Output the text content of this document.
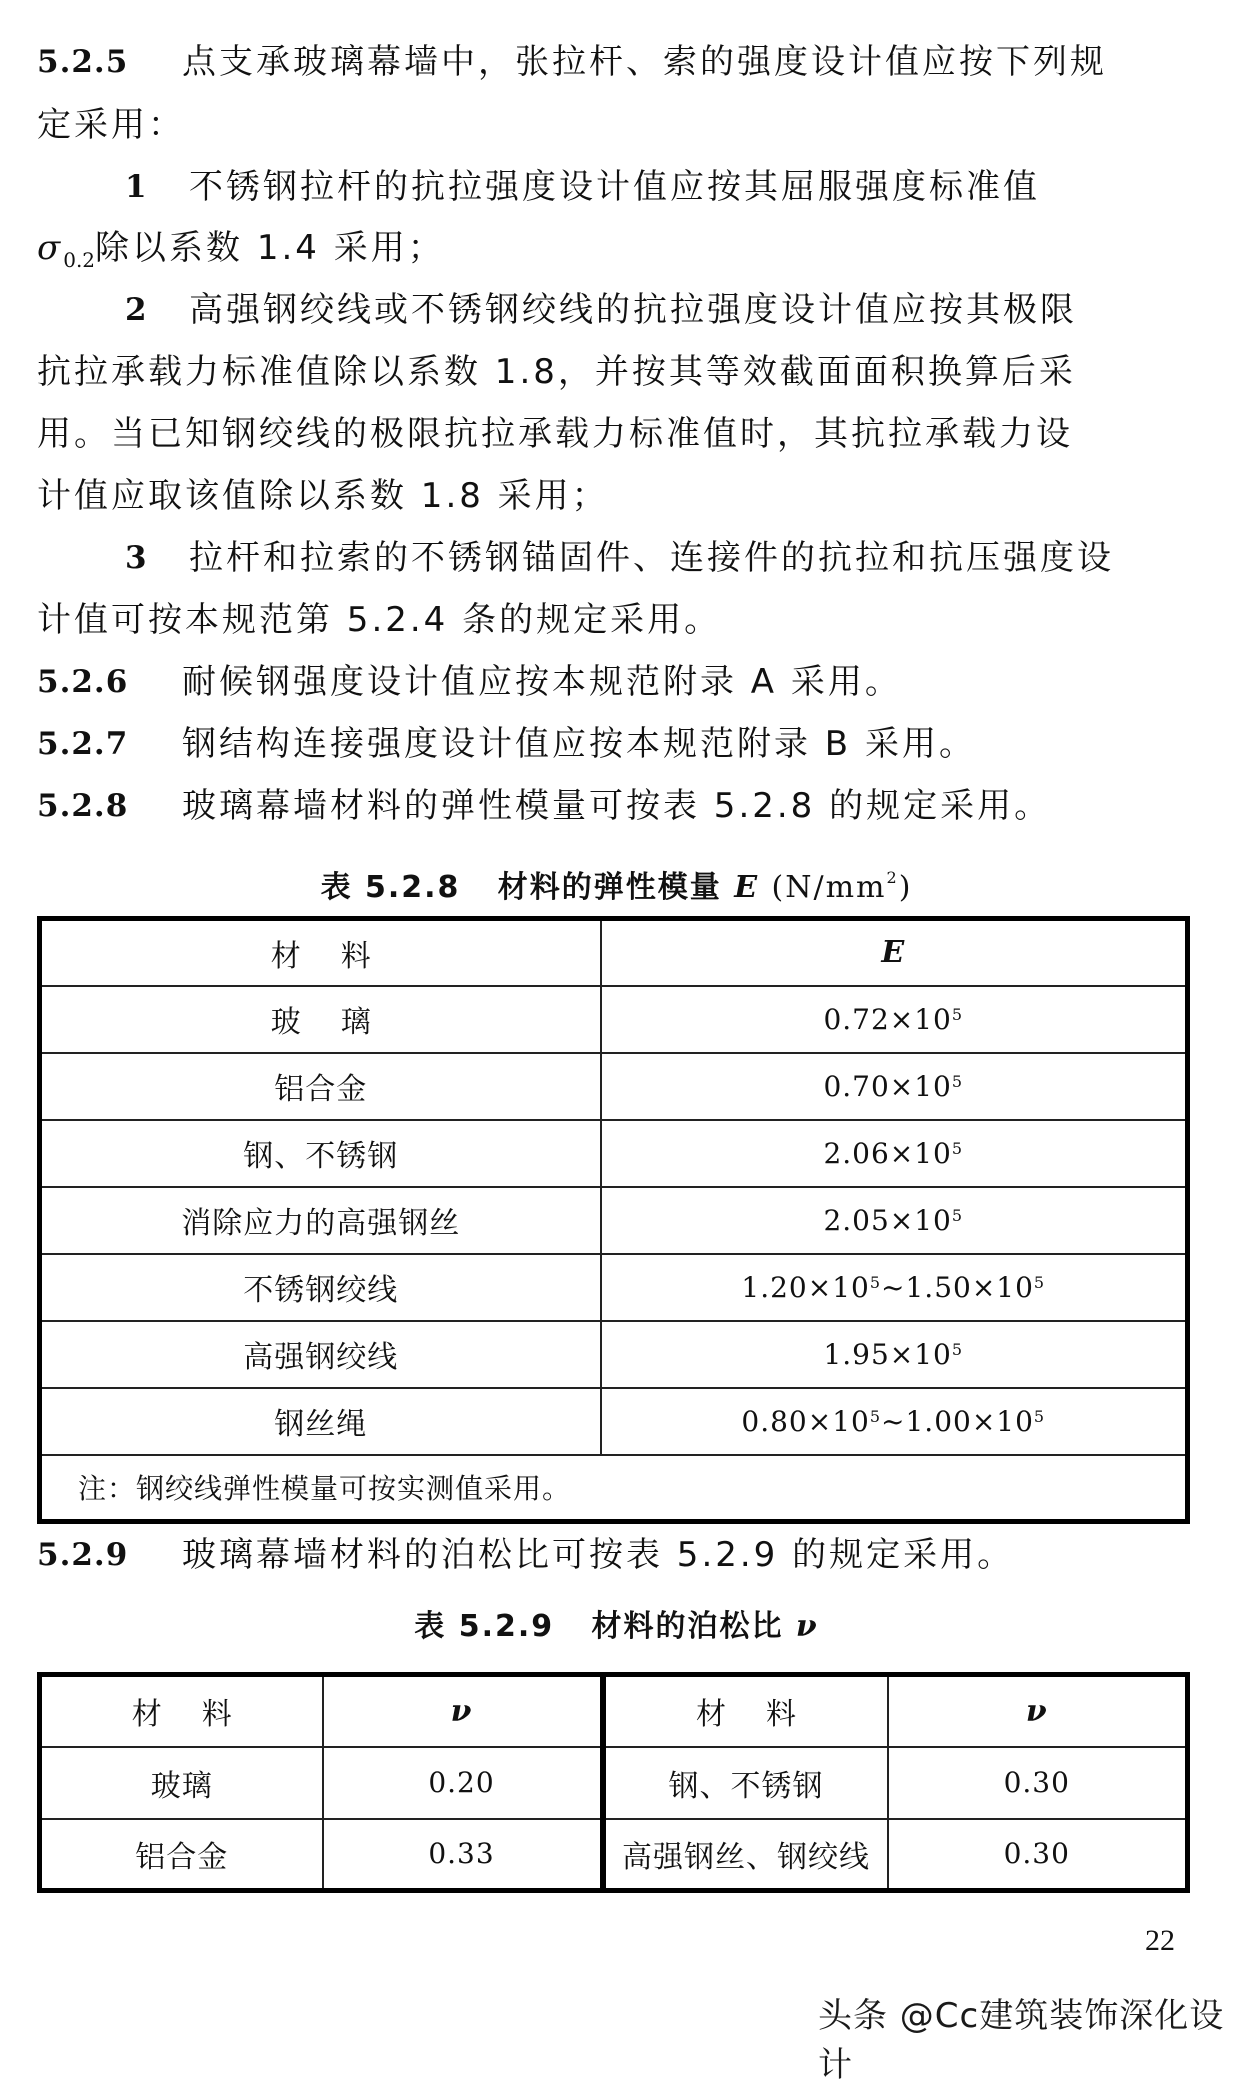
5.2.5 点支承玻璃幕墙中，张拉杆、索的强度设计值应按下列规
定采用：
1 不锈钢拉杆的抗拉强度设计值应按其屈服强度标准值
$\sigma_{0.2}$除以系数 1.4 采用；
2 高强钢绞线或不锈钢绞线的抗拉强度设计值应按其极限
抗拉承载力标准值除以系数 1.8，并按其等效截面面积换算后采
用。当已知钢绞线的极限抗拉承载力标准值时，其抗拉承载力设
计值应取该值除以系数 1.8 采用；
3 拉杆和拉索的不锈钢锚固件、连接件的抗拉和抗压强度设
计值可按本规范第 5.2.4 条的规定采用。
5.2.6 耐候钢强度设计值应按本规范附录 A 采用。
5.2.7 钢结构连接强度设计值应按本规范附录 B 采用。
5.2.8 玻璃幕墙材料的弹性模量可按表 5.2.8 的规定采用。
表 5.2.8 材料的弹性模量 E $(N/mm^2)$
材料	E
玻璃	$0.72\times 10^5$
铝合金	$0.70\times 10^5$
钢、不锈钢	$2.06\times 10^5$
消除应力的高强钢丝	$2.05\times 10^5$
不锈钢绞线	$1.20\times 10^5\sim 1.50\times 10^5$
高强钢绞线	$1.95\times 10^5$
钢丝绳	$0.80\times 10^5\sim 1.00\times 10^5$
注：钢绞线弹性模量可按实测值采用。	
5.2.9 玻璃幕墙材料的泊松比可按表 5.2.9 的规定采用。
表 5.2.9 材料的泊松比 ν
材料	ν	材料	ν
玻璃	0.20	钢、不锈钢	0.30
铝合金	0.33	高强钢丝、钢绞线	0.30
22
头条 @Cc建筑装饰深化设计
